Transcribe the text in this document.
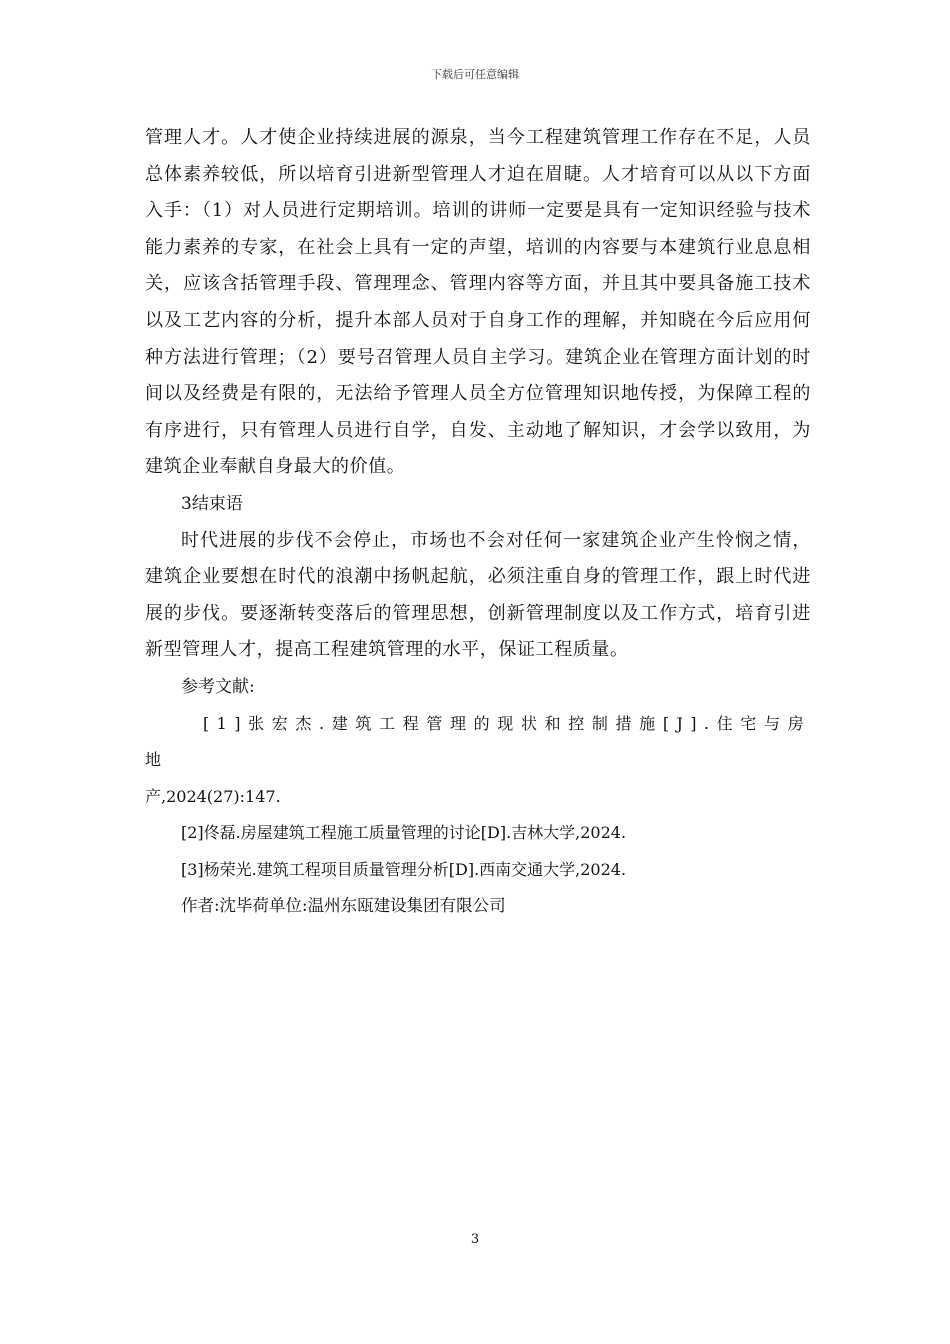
下载后可任意编辑

管理人才。人才使企业持续进展的源泉，当今工程建筑管理工作存在不足，人员总体素养较低，所以培育引进新型管理人才迫在眉睫。人才培育可以从以下方面入手：（1）对人员进行定期培训。培训的讲师一定要是具有一定知识经验与技术能力素养的专家，在社会上具有一定的声望，培训的内容要与本建筑行业息息相关，应该含括管理手段、管理理念、管理内容等方面，并且其中要具备施工技术以及工艺内容的分析，提升本部人员对于自身工作的理解，并知晓在今后应用何种方法进行管理；（2）要号召管理人员自主学习。建筑企业在管理方面计划的时间以及经费是有限的，无法给予管理人员全方位管理知识地传授，为保障工程的有序进行，只有管理人员进行自学，自发、主动地了解知识，才会学以致用，为建筑企业奉献自身最大的价值。

3结束语

时代进展的步伐不会停止，市场也不会对任何一家建筑企业产生怜悯之情，建筑企业要想在时代的浪潮中扬帆起航，必须注重自身的管理工作，跟上时代进展的步伐。要逐渐转变落后的管理思想，创新管理制度以及工作方式，培育引进新型管理人才，提高工程建筑管理的水平，保证工程质量。

参考文献:

[1]张宏杰.建筑工程管理的现状和控制措施[J].住宅与房地
产,2024(27):147.

[2]佟磊.房屋建筑工程施工质量管理的讨论[D].吉林大学,2024.

[3]杨荣光.建筑工程项目质量管理分析[D].西南交通大学,2024.

作者:沈毕荷单位:温州东瓯建设集团有限公司

3
